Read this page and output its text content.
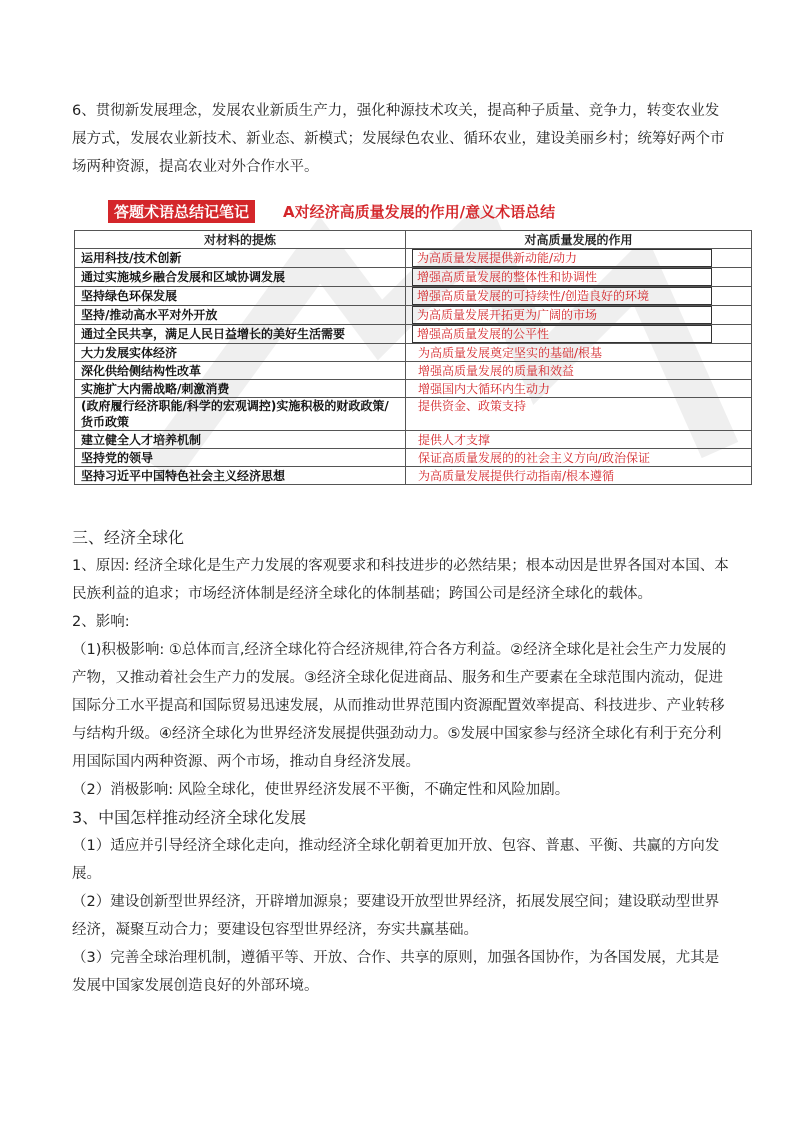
6、贯彻新发展理念，发展农业新质生产力，强化种源技术攻关，提高种子质量、竞争力，转变农业发展方式，发展农业新技术、新业态、新模式；发展绿色农业、循环农业，建设美丽乡村；统筹好两个市场两种资源，提高农业对外合作水平。

答题术语总结记笔记	A对经济高质量发展的作用/意义术语总结
对材料的提炼	对高质量发展的作用
运用科技/技术创新	为高质量发展提供新动能/动力
通过实施城乡融合发展和区域协调发展	增强高质量发展的整体性和协调性
坚持绿色环保发展	增强高质量发展的可持续性/创造良好的环境
坚持/推动高水平对外开放	为高质量发展开拓更为广阔的市场
通过全民共享，满足人民日益增长的美好生活需要	增强高质量发展的公平性
大力发展实体经济	为高质量发展奠定坚实的基础/根基
深化供给侧结构性改革	增强高质量发展的质量和效益
实施扩大内需战略/刺激消费	增强国内大循环内生动力
(政府履行经济职能/科学的宏观调控)实施积极的财政政策/货币政策	提供资金、政策支持
建立健全人才培养机制	提供人才支撑
坚持党的领导	保证高质量发展的的社会主义方向/政治保证
坚持习近平中国特色社会主义经济思想	为高质量发展提供行动指南/根本遵循

三、经济全球化

1、原因: 经济全球化是生产力发展的客观要求和科技进步的必然结果；根本动因是世界各国对本国、本民族利益的追求；市场经济体制是经济全球化的体制基础；跨国公司是经济全球化的载体。

2、影响:

（1)积极影响: ①总体而言,经济全球化符合经济规律,符合各方利益。②经济全球化是社会生产力发展的产物，又推动着社会生产力的发展。③经济全球化促进商品、服务和生产要素在全球范围内流动，促进国际分工水平提高和国际贸易迅速发展，从而推动世界范围内资源配置效率提高、科技进步、产业转移与结构升级。④经济全球化为世界经济发展提供强劲动力。⑤发展中国家参与经济全球化有利于充分利用国际国内两种资源、两个市场，推动自身经济发展。

（2）消极影响: 风险全球化，使世界经济发展不平衡，不确定性和风险加剧。

3、中国怎样推动经济全球化发展

（1）适应并引导经济全球化走向，推动经济全球化朝着更加开放、包容、普惠、平衡、共赢的方向发展。

（2）建设创新型世界经济，开辟增加源泉；要建设开放型世界经济，拓展发展空间；建设联动型世界经济，凝聚互动合力；要建设包容型世界经济，夯实共赢基础。

（3）完善全球治理机制，遵循平等、开放、合作、共享的原则，加强各国协作，为各国发展，尤其是发展中国家发展创造良好的外部环境。
